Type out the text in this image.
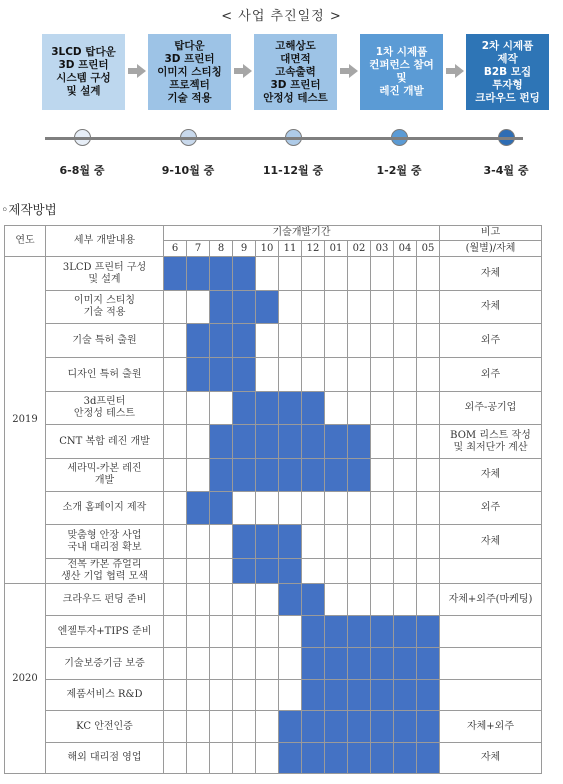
< 사업 추진일정 >
3LCD 탑다운
3D 프린터
시스템 구성
및 설계
탑다운
3D 프린터
이미지 스티칭
프로젝터
기술 적용
고해상도
대면적
고속출력
3D 프린터
안정성 테스트
1차 시제품
컨퍼런스 참여
및
레진 개발
2차 시제품
제작
B2B 모집
투자형
크라우드 펀딩
6-8월 중	9-10월 중	11-12월 중	1-2월 중	3-4월 중
◦제작방법
연도	세부 개발내용	기술개발기간												비고
		6	7	8	9	10	11	12	01	02	03	04	05	(월별)/자체
2019	3LCD 프린터 구성
및 설계													자체
	이미지 스티칭
기술 적용													자체
	기술 특허 출원													외주
	디자인 특허 출원													외주
	3d프린터
안정성 테스트													외주-공기업
	CNT 복합 레진 개발													BOM 리스트 작성
및 최저단가 계산
	세라믹-카본 레진
개발													자체
	소개 홈페이지 제작													외주
	맞춤형 안장 사업
국내 대리점 확보													자체
	전복 카본 쥬얼리
생산 기업 협력 모색													
2020	크라우드 펀딩 준비													자체+외주(마케팅)
	엔젤투자+TIPS 준비													
	기술보증기금 보증													
	제품서비스 R&D													
	KC 안전인증													자체+외주
	해외 대리점 영업													자체
